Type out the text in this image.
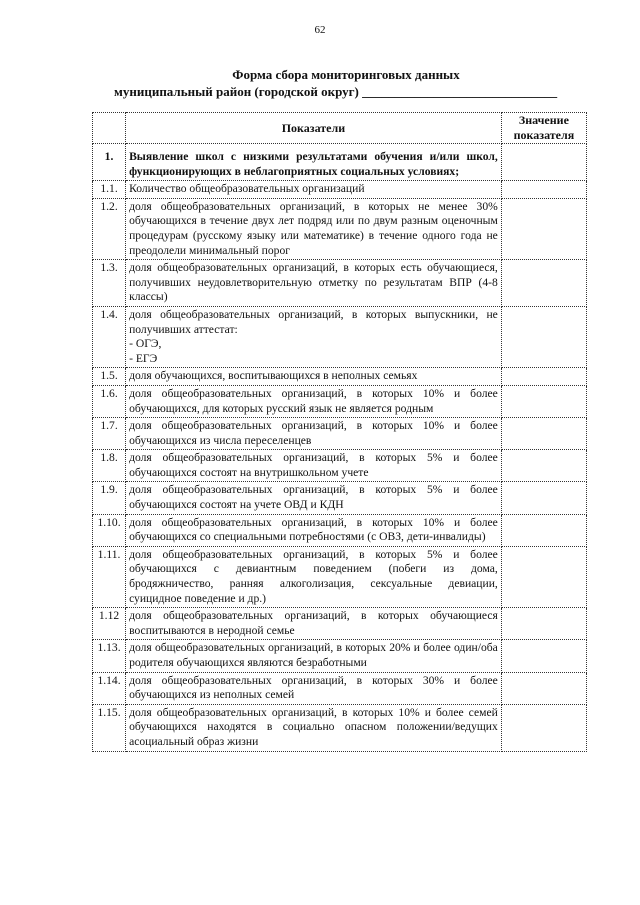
62
Форма сбора мониторинговых данных
муниципальный район (городской округ) ______________________________
	Показатели	Значение показателя
1.	Выявление школ с низкими результатами обучения и/или школ, функционирующих в неблагоприятных социальных условиях;	
1.1.	Количество общеобразовательных организаций	
1.2.	доля общеобразовательных организаций, в которых не менее 30% обучающихся в течение двух лет подряд или по двум разным оценочным процедурам (русскому языку или математике) в течение одного года не преодолели минимальный порог	
1.3.	доля общеобразовательных организаций, в которых есть обучающиеся, получивших неудовлетворительную отметку по результатам ВПР (4-8 классы)	
1.4.	доля общеобразовательных организаций, в которых выпускники, не получивших аттестат:
- ОГЭ,
- ЕГЭ	
1.5.	доля обучающихся, воспитывающихся в неполных семьях	
1.6.	доля общеобразовательных организаций, в которых 10% и более обучающихся, для которых русский язык не является родным	
1.7.	доля общеобразовательных организаций, в которых 10% и более обучающихся из числа переселенцев	
1.8.	доля общеобразовательных организаций, в которых 5% и более обучающихся состоят на внутришкольном учете	
1.9.	доля общеобразовательных организаций, в которых 5% и более обучающихся состоят на учете ОВД и КДН	
1.10.	доля общеобразовательных организаций, в которых 10% и более обучающихся со специальными потребностями (с ОВЗ, дети-инвалиды)	
1.11.	доля общеобразовательных организаций, в которых 5% и более обучающихся с девиантным поведением (побеги из дома, бродяжничество, ранняя алкоголизация, сексуальные девиации, суицидное поведение и др.)	
1.12	доля общеобразовательных организаций, в которых обучающиеся воспитываются в неродной семье	
1.13.	доля общеобразовательных организаций, в которых 20% и более один/оба родителя обучающихся являются безработными	
1.14.	доля общеобразовательных организаций, в которых 30% и более обучающихся из неполных семей	
1.15.	доля общеобразовательных организаций, в которых 10% и более семей обучающихся находятся в социально опасном положении/ведущих асоциальный образ жизни	
